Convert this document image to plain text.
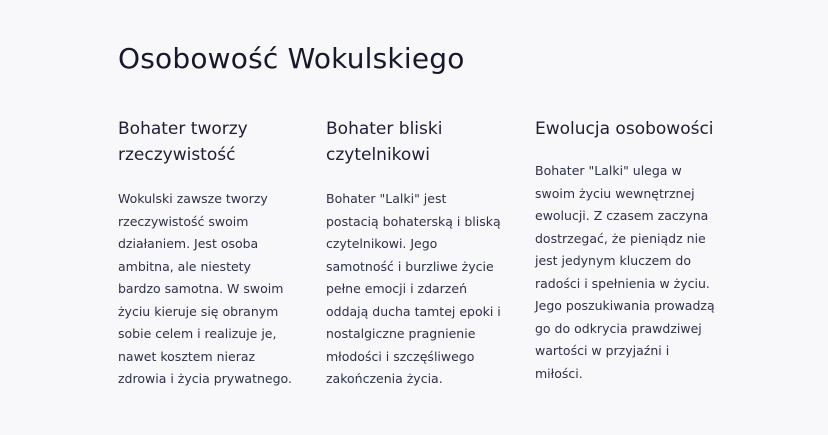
Osobowość Wokulskiego
Bohater tworzy rzeczywistość

Wokulski zawsze tworzy rzeczywistość swoim działaniem. Jest osoba ambitna, ale niestety bardzo samotna. W swoim życiu kieruje się obranym sobie celem i realizuje je, nawet kosztem nieraz zdrowia i życia prywatnego.

Bohater bliski czytelnikowi

Bohater "Lalki" jest postacią bohaterską i bliską czytelnikowi. Jego samotność i burzliwe życie pełne emocji i zdarzeń oddają ducha tamtej epoki i nostalgiczne pragnienie młodości i szczęśliwego zakończenia życia.

Ewolucja osobowości

Bohater "Lalki" ulega w swoim życiu wewnętrznej ewolucji. Z czasem zaczyna dostrzegać, że pieniądz nie jest jedynym kluczem do radości i spełnienia w życiu. Jego poszukiwania prowadzą go do odkrycia prawdziwej wartości w przyjaźni i miłości.
